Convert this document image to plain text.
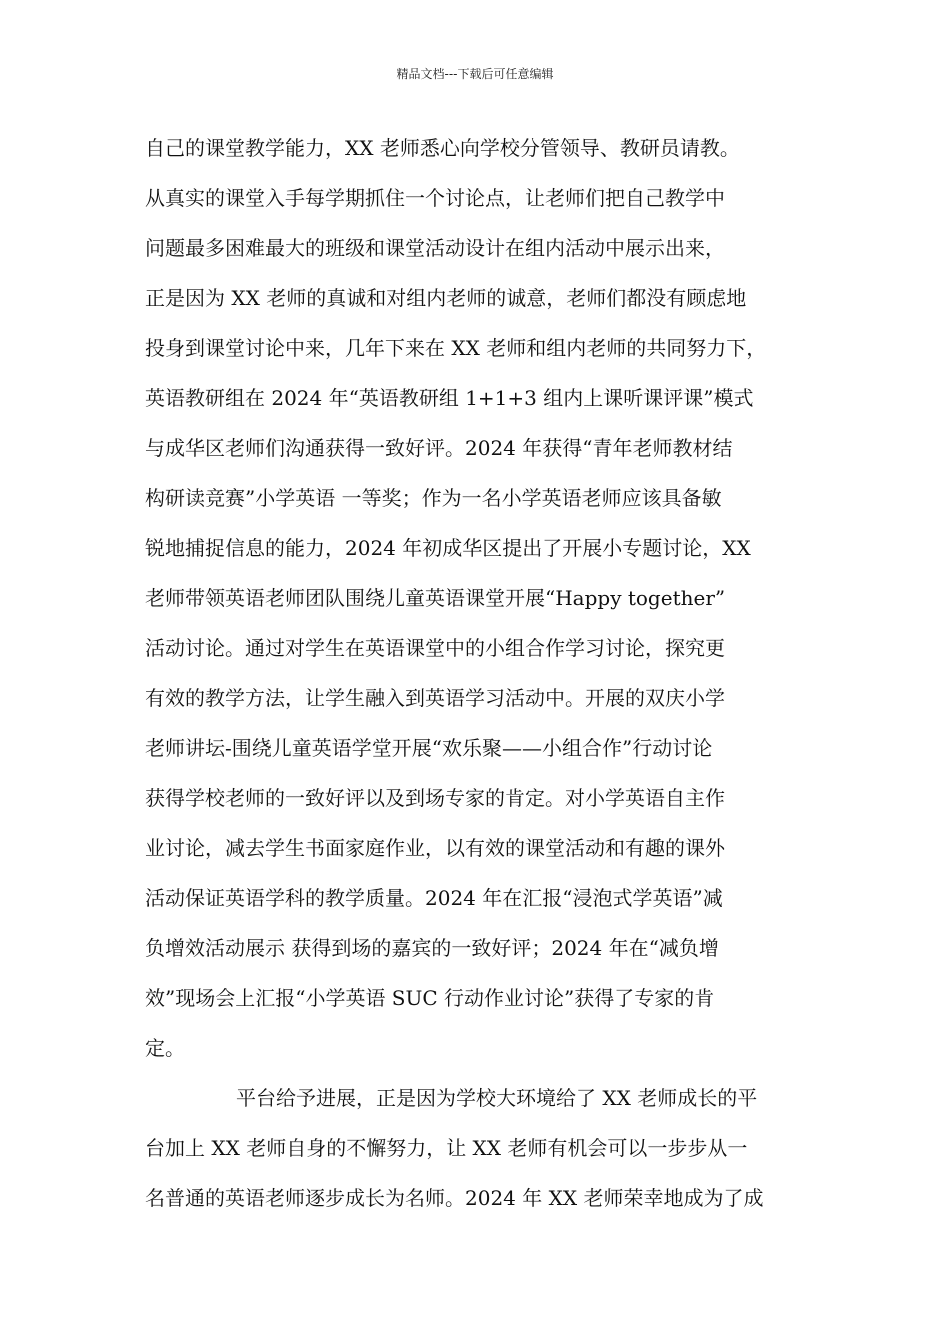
精品文档---下载后可任意编辑
自己的课堂教学能力，XX 老师悉心向学校分管领导、教研员请教。
从真实的课堂入手每学期抓住一个讨论点，让老师们把自己教学中
问题最多困难最大的班级和课堂活动设计在组内活动中展示出来，
正是因为 XX 老师的真诚和对组内老师的诚意，老师们都没有顾虑地
投身到课堂讨论中来，几年下来在 XX 老师和组内老师的共同努力下，
英语教研组在 2024 年“英语教研组 1+1+3 组内上课听课评课”模式
与成华区老师们沟通获得一致好评。2024 年获得“青年老师教材结
构研读竞赛”小学英语 一等奖；作为一名小学英语老师应该具备敏
锐地捕捉信息的能力，2024 年初成华区提出了开展小专题讨论，XX
老师带领英语老师团队围绕儿童英语课堂开展“Happy together”
活动讨论。通过对学生在英语课堂中的小组合作学习讨论，探究更
有效的教学方法，让学生融入到英语学习活动中。开展的双庆小学
老师讲坛-围绕儿童英语学堂开展“欢乐聚——小组合作”行动讨论
获得学校老师的一致好评以及到场专家的肯定。对小学英语自主作
业讨论，减去学生书面家庭作业，以有效的课堂活动和有趣的课外
活动保证英语学科的教学质量。2024 年在汇报“浸泡式学英语”减
负增效活动展示 获得到场的嘉宾的一致好评；2024 年在“减负增
效”现场会上汇报“小学英语 SUC 行动作业讨论”获得了专家的肯
定。
平台给予进展，正是因为学校大环境给了 XX 老师成长的平
台加上 XX 老师自身的不懈努力，让 XX 老师有机会可以一步步从一
名普通的英语老师逐步成长为名师。2024 年 XX 老师荣幸地成为了成
